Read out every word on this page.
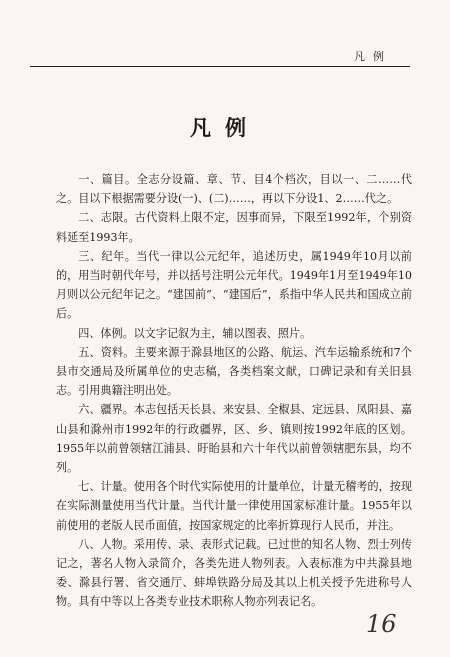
凡例
凡例

一、篇目。全志分设篇、章、节、目4个档次，目以一、二……代之。目以下根据需要分设(一)、(二)……，再以下分设1、2……代之。

二、志限。古代资料上限不定，因事而异，下限至1992年，个别资料延至1993年。

三、纪年。当代一律以公元纪年，追述历史，属1949年10月以前的，用当时朝代年号，并以括号注明公元年代。1949年1月至1949年10月则以公元纪年记之。“建国前”、“建国后”，系指中华人民共和国成立前后。

四、体例。以文字记叙为主，辅以图表、照片。

五、资料。主要来源于滁县地区的公路、航运、汽车运输系统和7个县市交通局及所属单位的史志稿，各类档案文献，口碑记录和有关旧县志。引用典籍注明出处。

六、疆界。本志包括天长县、来安县、全椒县、定远县、凤阳县、嘉山县和滁州市1992年的行政疆界，区、乡、镇则按1992年底的区划。1955年以前曾领辖江浦县、盱眙县和六十年代以前曾领辖肥东县，均不列。

七、计量。使用各个时代实际使用的计量单位，计量无稽考的，按现在实际测量使用当代计量。当代计量一律使用国家标准计量。1955年以前使用的老版人民币面值，按国家规定的比率折算现行人民币，并注。

八、人物。采用传、录、表形式记载。已过世的知名人物、烈士列传记之，著名人物入录简介，各类先进人物列表。入表标准为中共滁县地委、滁县行署、省交通厅、蚌埠铁路分局及其以上机关授予先进称号人物。具有中等以上各类专业技术职称人物亦列表记名。

16
